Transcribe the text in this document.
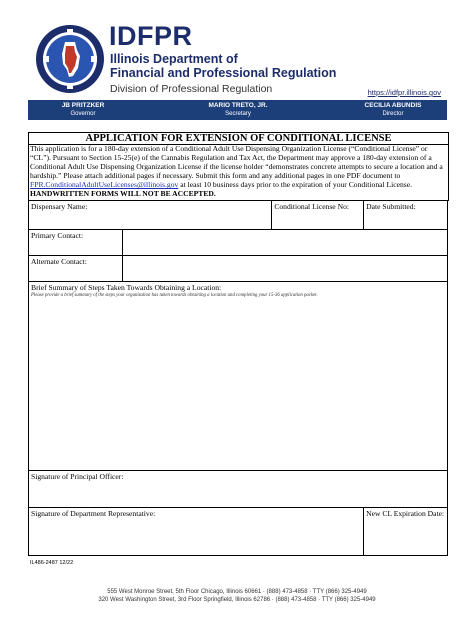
IDFPR
Illinois Department of
Financial and Professional Regulation
Division of Professional Regulation	https://idfpr.illinois.gov
JB PRITZKER
Governor
MARIO TRETO, JR.
Secretary
CECILIA ABUNDIS
Director
APPLICATION FOR EXTENSION OF CONDITIONAL LICENSE
This application is for a 180-day extension of a Conditional Adult Use Dispensing Organization License (“Conditional License” or “CL”). Pursuant to Section 15-25(e) of the Cannabis Regulation and Tax Act, the Department may approve a 180-day extension of a Conditional Adult Use Dispensing Organization License if the license holder “demonstrates concrete attempts to secure a location and a hardship.” Please attach additional pages if necessary. Submit this form and any additional pages in one PDF document to FPR.ConditionalAdultUseLicenses@illinois.gov at least 10 business days prior to the expiration of your Conditional License.
HANDWRITTEN FORMS WILL NOT BE ACCEPTED.
Dispensary Name:		Conditional License No:	Date Submitted:
Primary Contact:			
Alternate Contact:			
Brief Summary of Steps Taken Towards Obtaining a Location:
Please provide a brief summary of the steps your organization has taken towards obtaining a location and completing your 15-36 application packet.			

Signature of Principal Officer:			
Signature of Department Representative:			New CL Expiration Date:
IL486-2487 12/22
555 West Monroe Street, 5th Floor Chicago, Illinois 60661 · (888) 473-4858 · TTY (866) 325-4949
320 West Washington Street, 3rd Floor Springfield, Illinois 62786 · (888) 473-4858 · TTY (866) 325-4949
